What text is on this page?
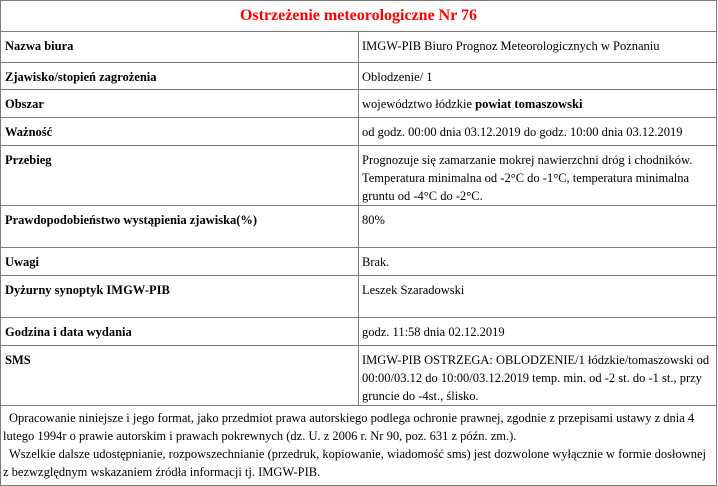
Ostrzeżenie meteorologiczne Nr 76	
Nazwa biura	IMGW-PIB Biuro Prognoz Meteorologicznych w Poznaniu
Zjawisko/stopień zagrożenia	Oblodzenie/ 1
Obszar	województwo łódzkie powiat tomaszowski
Ważność	od godz. 00:00 dnia 03.12.2019 do godz. 10:00 dnia 03.12.2019
Przebieg	Prognozuje się zamarzanie mokrej nawierzchni dróg i chodników. Temperatura minimalna od -2°C do -1°C, temperatura minimalna gruntu od -4°C do -2°C.
Prawdopodobieństwo wystąpienia zjawiska(%)	80%
Uwagi	Brak.
Dyżurny synoptyk IMGW-PIB	Leszek Szaradowski
Godzina i data wydania	godz. 11:58 dnia 02.12.2019
SMS	IMGW-PIB OSTRZEGA: OBLODZENIE/1 łódzkie/tomaszowski od 00:00/03.12 do 10:00/03.12.2019 temp. min. od -2 st. do -1 st., przy gruncie do -4st., ślisko.

Opracowanie niniejsze i jego format, jako przedmiot prawa autorskiego podlega ochronie prawnej, zgodnie z przepisami ustawy z dnia 4 lutego 1994r o prawie autorskim i prawach pokrewnych (dz. U. z 2006 r. Nr 90, poz. 631 z późn. zm.).
Wszelkie dalsze udostępnianie, rozpowszechnianie (przedruk, kopiowanie, wiadomość sms) jest dozwolone wyłącznie w formie dosłownej z bezwzględnym wskazaniem źródła informacji tj. IMGW-PIB.	
